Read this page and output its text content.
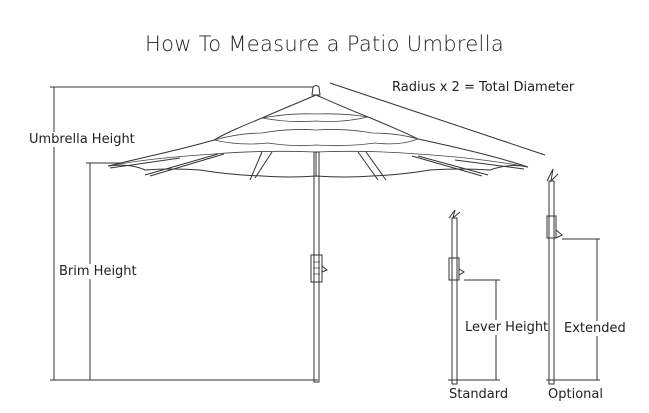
How To Measure a Patio Umbrella
Radius x 2 = Total Diameter
Umbrella Height
Brim Height
Lever Height Extended
Standard	Optional
